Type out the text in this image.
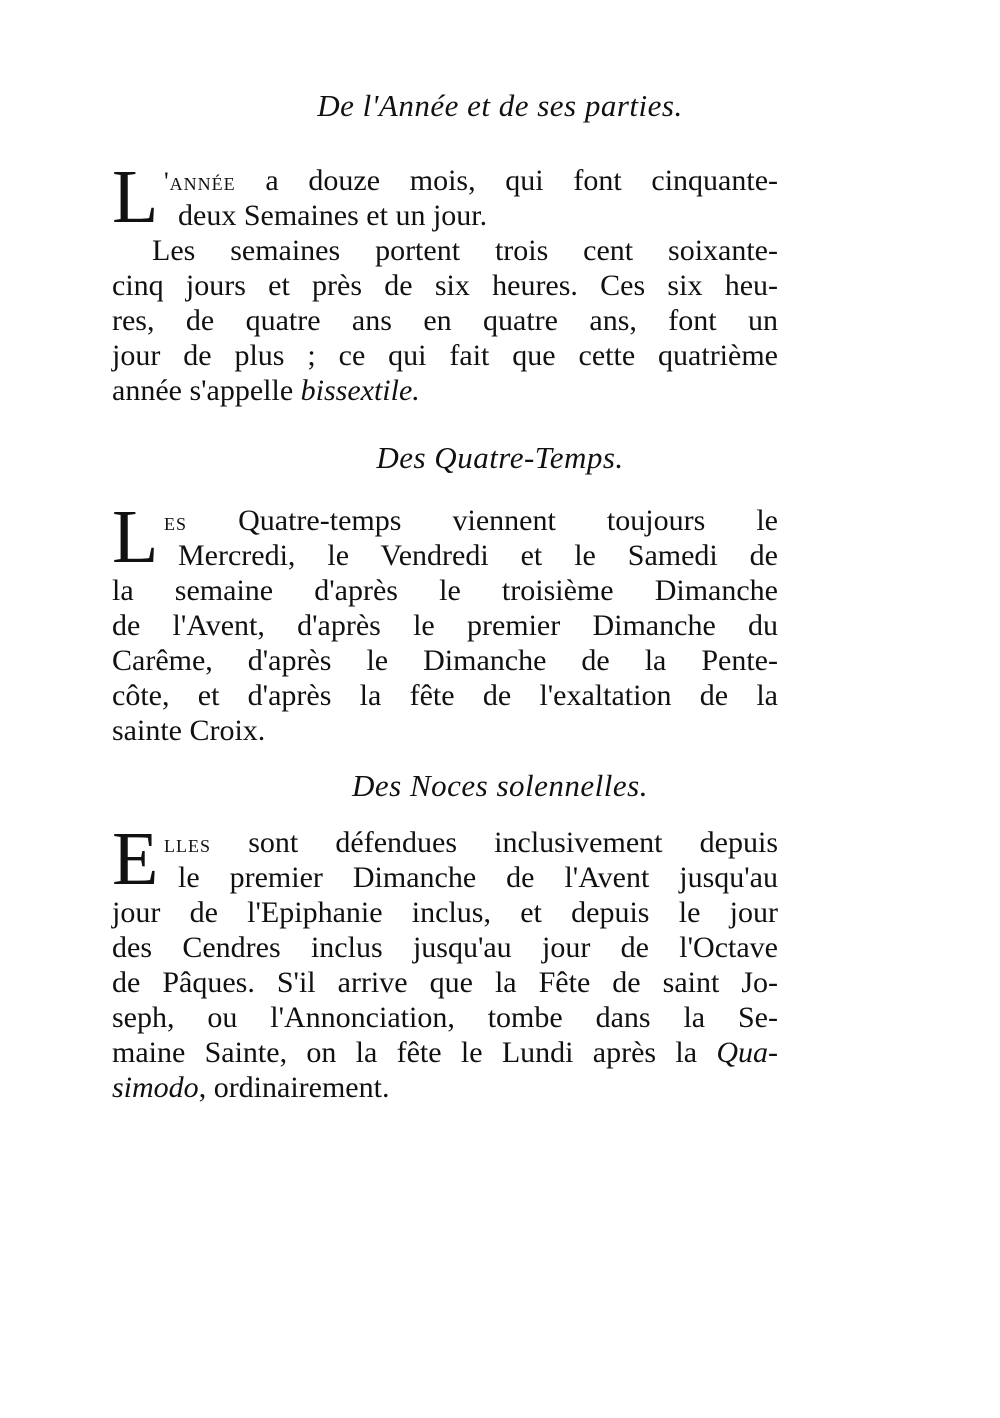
De l'Année et de ses parties.
L 'année a douze mois, qui font cinquante-
deux Semaines et un jour.
Les semaines portent trois cent soixante-
cinq jours et près de six heures. Ces six heu-
res, de quatre ans en quatre ans, font un
jour de plus ; ce qui fait que cette quatrième
année s'appelle bissextile.
Des Quatre-Temps.
L es Quatre-temps viennent toujours le
Mercredi, le Vendredi et le Samedi de
la semaine d'après le troisième Dimanche
de l'Avent, d'après le premier Dimanche du
Carême, d'après le Dimanche de la Pente-
côte, et d'après la fête de l'exaltation de la
sainte Croix.
Des Noces solennelles.
E lles sont défendues inclusivement depuis
le premier Dimanche de l'Avent jusqu'au
jour de l'Epiphanie inclus, et depuis le jour
des Cendres inclus jusqu'au jour de l'Octave
de Pâques. S'il arrive que la Fête de saint Jo-
seph, ou l'Annonciation, tombe dans la Se-
maine Sainte, on la fête le Lundi après la Qua-
simodo, ordinairement.
